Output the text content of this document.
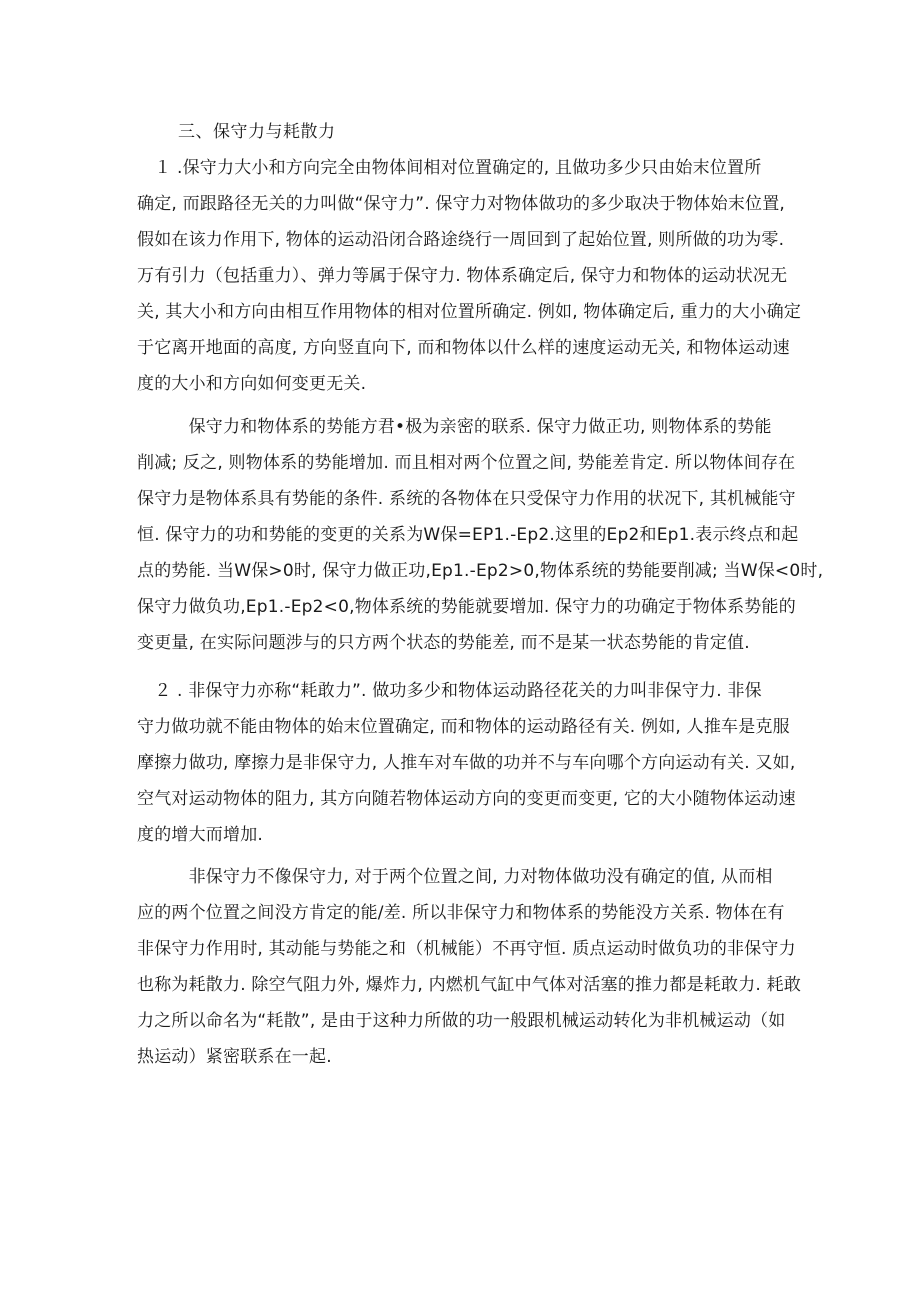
三、保守力与耗散力
　１ .保守力大小和方向完全由物体间相对位置确定的, 且做功多少只由始末位置所
确定, 而跟路径无关的力叫做“保守力”. 保守力对物体做功的多少取决于物体始末位置,
假如在该力作用下, 物体的运动沿闭合路途绕行一周回到了起始位置, 则所做的功为零.
万有引力（包括重力）、弹力等属于保守力. 物体系确定后, 保守力和物体的运动状况无
关, 其大小和方向由相互作用物体的相对位置所确定. 例如, 物体确定后, 重力的大小确定
于它离开地面的高度, 方向竖直向下, 而和物体以什么样的速度运动无关, 和物体运动速
度的大小和方向如何变更无关.
　　　保守力和物体系的势能方君•极为亲密的联系. 保守力做正功, 则物体系的势能
削减; 反之, 则物体系的势能增加. 而且相对两个位置之间, 势能差肯定. 所以物体间存在
保守力是物体系具有势能的条件. 系统的各物体在只受保守力作用的状况下, 其机械能守
恒. 保守力的功和势能的变更的关系为W保=EP1.-Ep2.这里的Ep2和Ep1.表示终点和起
点的势能. 当W保>0时, 保守力做正功,Ep1.-Ep2>0,物体系统的势能要削减; 当W保<0时,
保守力做负功,Ep1.-Ep2<0,物体系统的势能就要增加. 保守力的功确定于物体系势能的
变更量, 在实际问题涉与的只方两个状态的势能差, 而不是某一状态势能的肯定值.
　２ . 非保守力亦称“耗敢力”. 做功多少和物体运动路径花关的力叫非保守力. 非保
守力做功就不能由物体的始末位置确定, 而和物体的运动路径有关. 例如, 人推车是克服
摩擦力做功, 摩擦力是非保守力, 人推车对车做的功并不与车向哪个方向运动有关. 又如,
空气对运动物体的阻力, 其方向随若物体运动方向的变更而变更, 它的大小随物体运动速
度的增大而增加.
　　　非保守力不像保守力, 对于两个位置之间, 力对物体做功没有确定的值, 从而相
应的两个位置之间没方肯定的能/差. 所以非保守力和物体系的势能没方关系. 物体在有
非保守力作用时, 其动能与势能之和（机械能）不再守恒. 质点运动时做负功的非保守力
也称为耗散力. 除空气阻力外, 爆炸力, 内燃机气缸中气体对活塞的推力都是耗敢力. 耗敢
力之所以命名为“耗散”, 是由于这种力所做的功一般跟机械运动转化为非机械运动（如
热运动）紧密联系在一起.
